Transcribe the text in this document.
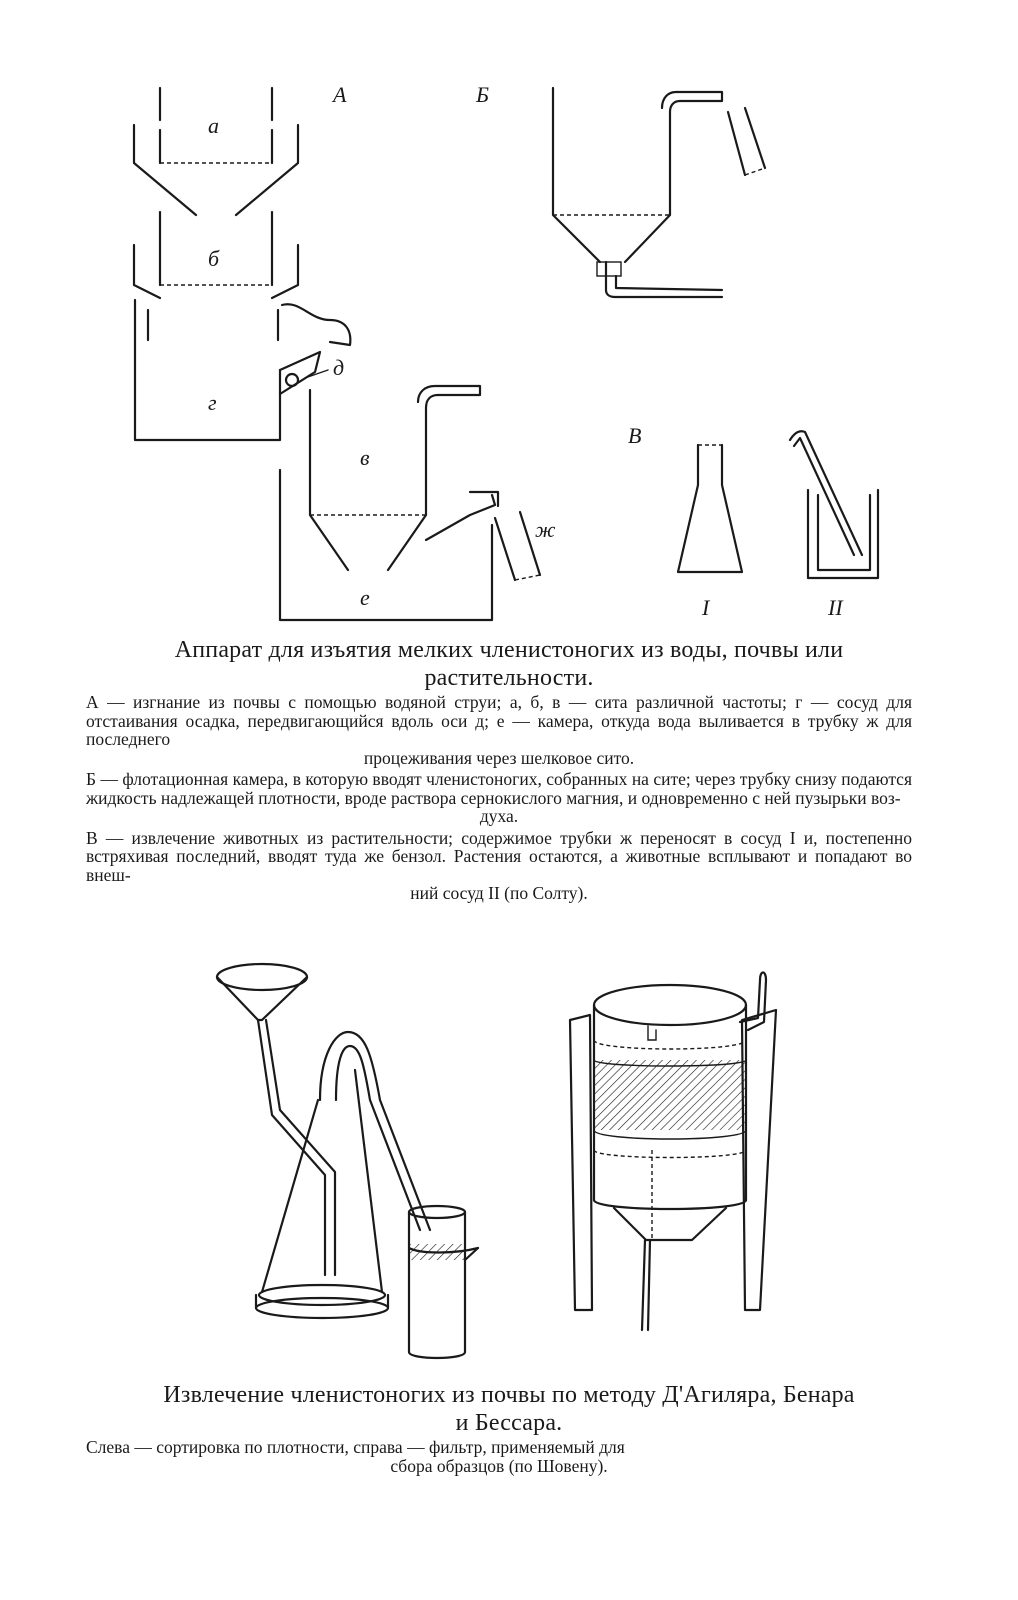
А	Б
а
б
д
г
в
ж
е
В
I	II
Аппарат для изъятия мелких членистоногих из воды, почвы или
растительности.

А — изгнание из почвы с помощью водяной струи; а, б, в — сита различной частоты; г — сосуд для отстаивания осадка, передвигающийся вдоль оси д; е — камера, откуда вода выливается в трубку ж для последнего
процеживания через шелковое сито.

Б — флотационная камера, в которую вводят членистоногих, собранных на сите; через трубку снизу подаются жидкость надлежащей плотности, вроде раствора сернокислого магния, и одновременно с ней пузырьки воз-
духа.

В — извлечение животных из растительности; содержимое трубки ж переносят в сосуд I и, постепенно встряхивая последний, вводят туда же бензол. Растения остаются, а животные всплывают и попадают во внеш-
ний сосуд II (по Солту).

Извлечение членистоногих из почвы по методу Д'Агиляра, Бенара
и Бессара.

Слева — сортировка по плотности, справа — фильтр, применяемый для
сбора образцов (по Шовену).
